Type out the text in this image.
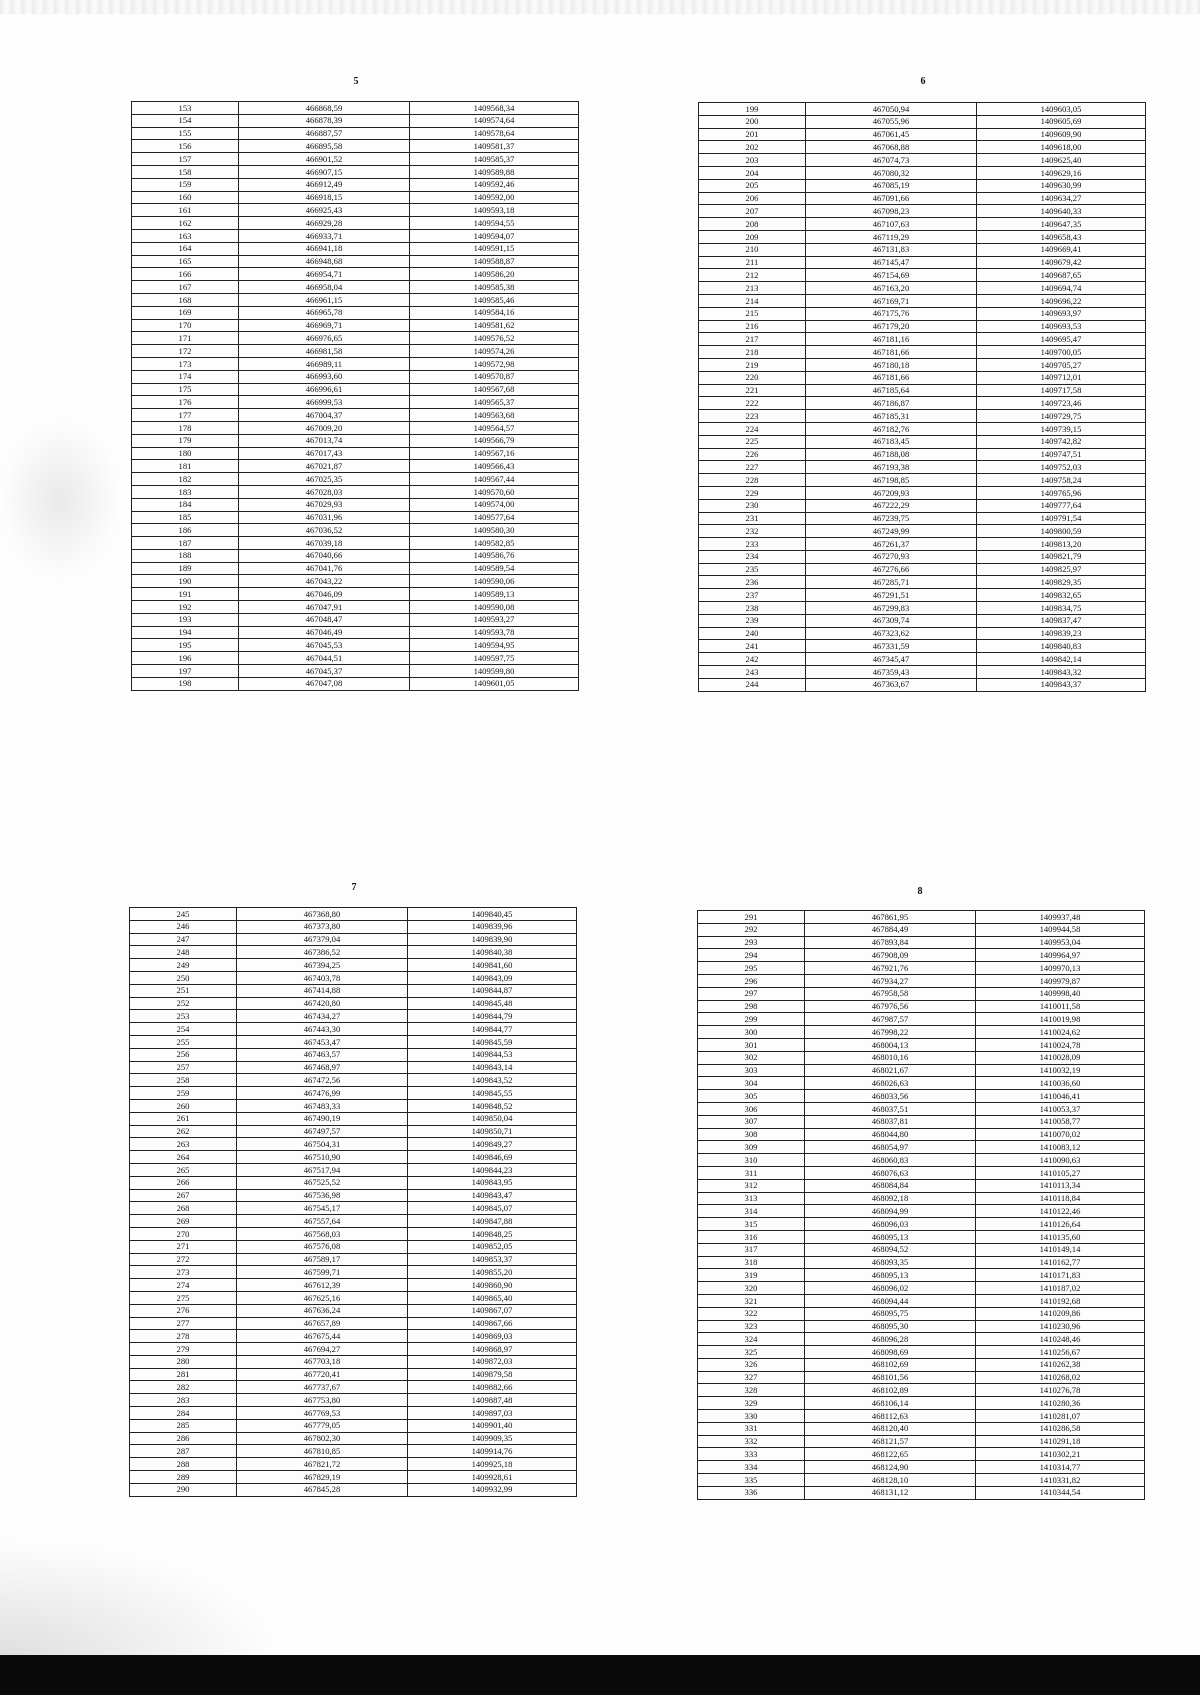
5
153	466868,59	1409568,34
154	466878,39	1409574,64
155	466887,57	1409578,64
156	466895,58	1409581,37
157	466901,52	1409585,37
158	466907,15	1409589,88
159	466912,49	1409592,46
160	466918,15	1409592,00
161	466925,43	1409593,18
162	466929,28	1409594,55
163	466933,71	1409594,07
164	466941,18	1409591,15
165	466948,68	1409588,87
166	466954,71	1409586,20
167	466958,04	1409585,38
168	466961,15	1409585,46
169	466965,78	1409584,16
170	466969,71	1409581,62
171	466976,65	1409576,52
172	466981,58	1409574,26
173	466989,11	1409572,98
174	466993,60	1409570,87
175	466996,61	1409567,68
176	466999,53	1409565,37
177	467004,37	1409563,68
178	467009,20	1409564,57
179	467013,74	1409566,79
180	467017,43	1409567,16
181	467021,87	1409566,43
182	467025,35	1409567,44
183	467028,03	1409570,60
184	467029,93	1409574,00
185	467031,96	1409577,64
186	467036,52	1409580,30
187	467039,18	1409582,85
188	467040,66	1409586,76
189	467041,76	1409589,54
190	467043,22	1409590,06
191	467046,09	1409589,13
192	467047,91	1409590,08
193	467048,47	1409593,27
194	467046,49	1409593,78
195	467045,53	1409594,95
196	467044,51	1409597,75
197	467045,37	1409599,80
198	467047,08	1409601,05
6
199	467050,94	1409603,05
200	467055,96	1409605,69
201	467061,45	1409609,90
202	467068,88	1409618,00
203	467074,73	1409625,40
204	467080,32	1409629,16
205	467085,19	1409630,99
206	467091,66	1409634,27
207	467098,23	1409640,33
208	467107,63	1409647,35
209	467119,29	1409658,43
210	467131,83	1409669,41
211	467145,47	1409679,42
212	467154,69	1409687,65
213	467163,20	1409694,74
214	467169,71	1409696,22
215	467175,76	1409693,97
216	467179,20	1409693,53
217	467181,16	1409695,47
218	467181,66	1409700,05
219	467180,18	1409705,27
220	467181,66	1409712,01
221	467185,64	1409717,58
222	467186,87	1409723,46
223	467185,31	1409729,75
224	467182,76	1409739,15
225	467183,45	1409742,82
226	467188,08	1409747,51
227	467193,38	1409752,03
228	467198,85	1409758,24
229	467209,93	1409765,96
230	467222,29	1409777,64
231	467239,75	1409791,54
232	467249,99	1409800,59
233	467261,37	1409813,20
234	467270,93	1409821,79
235	467276,66	1409825,97
236	467285,71	1409829,35
237	467291,51	1409832,65
238	467299,83	1409834,75
239	467309,74	1409837,47
240	467323,62	1409839,23
241	467331,59	1409840,83
242	467345,47	1409842,14
243	467359,43	1409843,32
244	467363,67	1409843,37
7
245	467368,80	1409840,45
246	467373,80	1409839,96
247	467379,04	1409839,90
248	467386,52	1409840,38
249	467394,25	1409841,60
250	467403,78	1409843,09
251	467414,88	1409844,87
252	467420,80	1409845,48
253	467434,27	1409844,79
254	467443,30	1409844,77
255	467453,47	1409845,59
256	467463,57	1409844,53
257	467468,97	1409843,14
258	467472,56	1409843,52
259	467476,99	1409845,55
260	467483,33	1409848,52
261	467490,19	1409850,04
262	467497,57	1409850,71
263	467504,31	1409849,27
264	467510,90	1409846,69
265	467517,94	1409844,23
266	467525,52	1409843,95
267	467536,98	1409843,47
268	467545,17	1409845,07
269	467557,64	1409847,88
270	467568,03	1409848,25
271	467576,08	1409852,05
272	467589,17	1409853,37
273	467599,71	1409855,20
274	467612,39	1409860,90
275	467625,16	1409865,40
276	467636,24	1409867,07
277	467657,89	1409867,66
278	467675,44	1409869,03
279	467694,27	1409868,97
280	467703,18	1409872,03
281	467720,41	1409879,58
282	467737,67	1409882,66
283	467753,80	1409887,48
284	467769,53	1409897,03
285	467779,05	1409901,40
286	467802,30	1409909,35
287	467810,85	1409914,76
288	467821,72	1409925,18
289	467829,19	1409928,61
290	467845,28	1409932,99
8
291	467861,95	1409937,48
292	467884,49	1409944,58
293	467893,84	1409953,04
294	467908,09	1409964,97
295	467921,76	1409970,13
296	467934,27	1409979,87
297	467958,58	1409998,40
298	467976,56	1410011,58
299	467987,57	1410019,98
300	467998,22	1410024,62
301	468004,13	1410024,78
302	468010,16	1410028,09
303	468021,67	1410032,19
304	468026,63	1410036,60
305	468033,56	1410046,41
306	468037,51	1410053,37
307	468037,81	1410058,77
308	468044,80	1410070,02
309	468054,97	1410083,12
310	468060,83	1410090,63
311	468076,63	1410105,27
312	468084,84	1410113,34
313	468092,18	1410118,84
314	468094,99	1410122,46
315	468096,03	1410126,64
316	468095,13	1410135,60
317	468094,52	1410149,14
318	468093,35	1410162,77
319	468095,13	1410171,83
320	468096,02	1410187,02
321	468094,44	1410192,68
322	468095,75	1410209,86
323	468095,30	1410230,96
324	468096,28	1410248,46
325	468098,69	1410256,67
326	468102,69	1410262,38
327	468101,56	1410268,02
328	468102,89	1410276,78
329	468106,14	1410280,36
330	468112,63	1410281,07
331	468120,40	1410286,58
332	468121,57	1410291,18
333	468122,65	1410302,21
334	468124,90	1410314,77
335	468128,10	1410331,82
336	468131,12	1410344,54
